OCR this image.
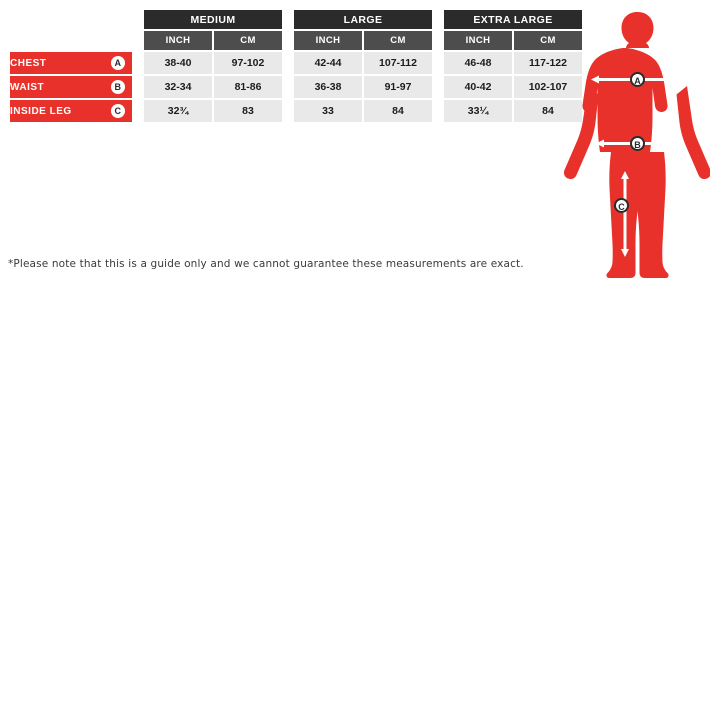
		MEDIUM			LARGE			EXTRA LARGE	
		INCH	CM		INCH	CM		INCH	CM
CHEST A		38-40	97-102		42-44	107-112		46-48	117-122
WAIST B		32-34	81-86		36-38	91-97		40-42	102-107
INSIDE LEG C		32¾	83		33	84		33¼	84
*Please note that this is a guide only and we cannot guarantee these measurements are exact.
A
B
C
